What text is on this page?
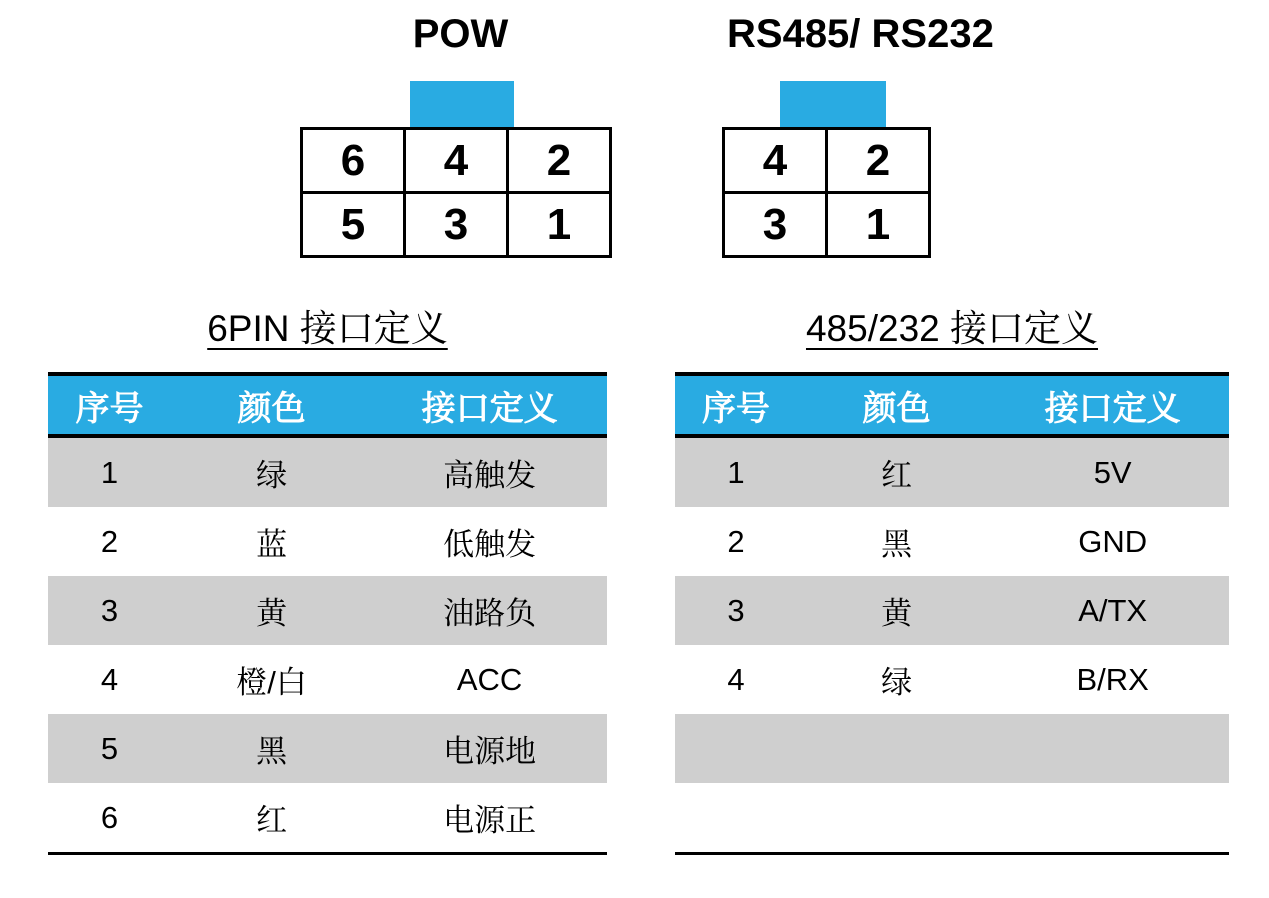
POW
6	4	2
5	3	1
RS485/ RS232
4	2
3	1
6PIN 接口定义
序号	颜色	接口定义
1	绿	高触发
2	蓝	低触发
3	黄	油路负
4	橙/白	ACC
5	黑	电源地
6	红	电源正
485/232 接口定义
序号	颜色	接口定义
1	红	5V
2	黑	GND
3	黄	A/TX
4	绿	B/RX
